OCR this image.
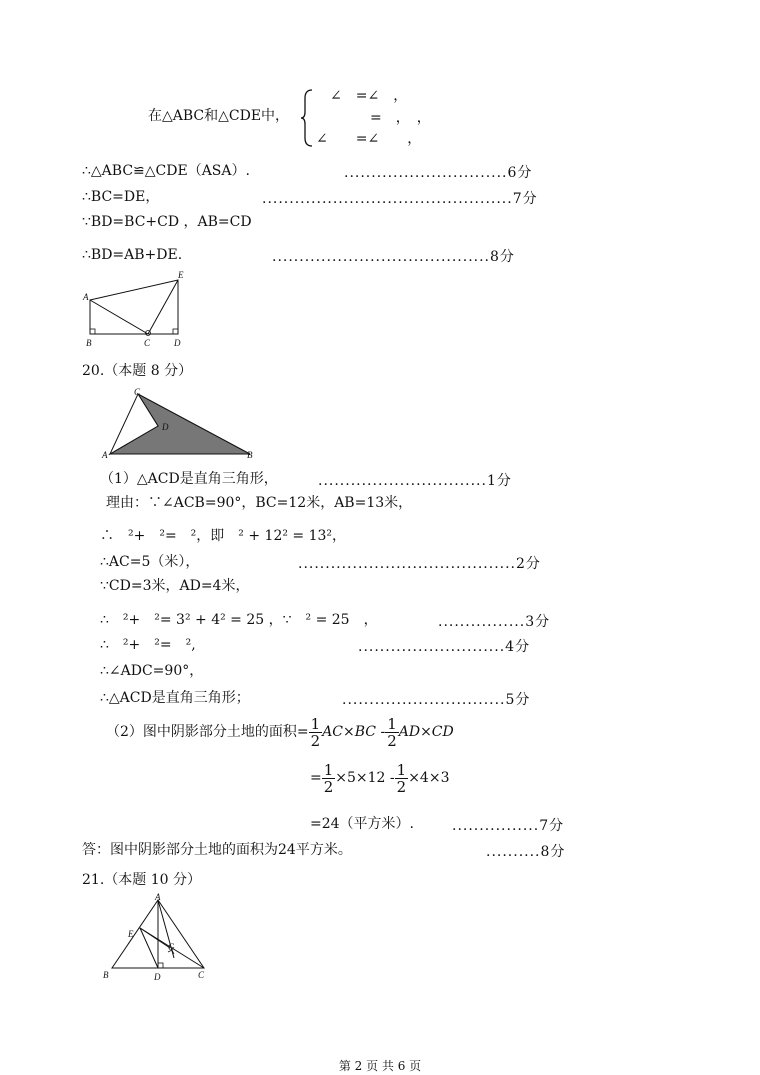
在△ABC和△CDE中，
∠　=∠　，
=　，　，
∠　　=∠　　，
∴△ABC≌△CDE（ASA）.	..............................6分
∴BC=DE，	..............................................7分
∵BD=BC+CD ，AB=CD
∴BD=AB+DE.	........................................8分
A
E
B	C	D
20.（本题 8 分）
C
D
A	B
（1）△ACD是直角三角形，	...............................1分
理由：∵∠ACB=90°，BC=12米，AB=13米，
∴　²+　²=　²，即　² + 12² = 13²，
∴AC=5（米），	........................................2分
∵CD=3米，AD=4米，
∴　²+　²= 3² + 4² = 25 ，∵　² = 25　，	................3分
∴　²+　²=　²,	...........................4分
∴∠ADC=90°，
∴△ACD是直角三角形；	..............................5分
（2）图中阴影部分土地的面积= $\frac{1}{2} AC\times BC - \frac{1}{2} AD\times CD$
= $\frac{1}{2} \times 5\times 12 - \frac{1}{2} \times 4\times 3$
=24（平方米）.	................7分
答：图中阴影部分土地的面积为24平方米。	..........8分
21.（本题 10 分）
A
E
G
B	D	C
第 2 页 共 6 页
